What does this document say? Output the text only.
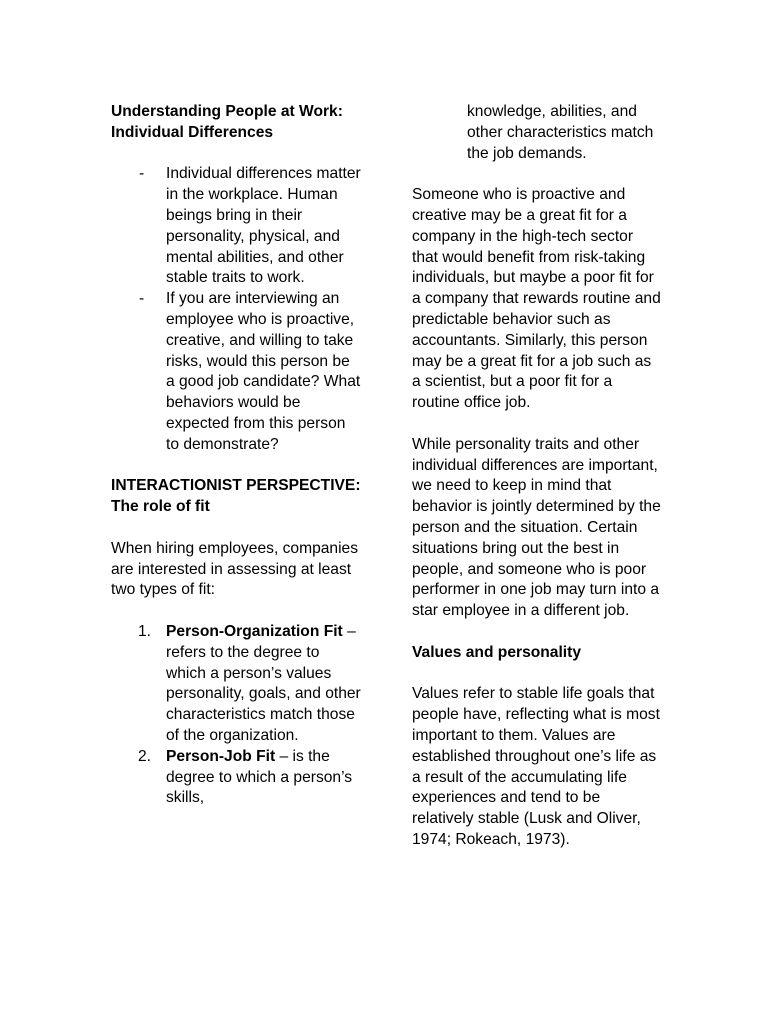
Understanding People at Work: Individual Differences

- Individual differences matter in the workplace. Human beings bring in their personality, physical, and mental abilities, and other stable traits to work.
- If you are interviewing an employee who is proactive, creative, and willing to take risks, would this person be a good job candidate? What behaviors would be expected from this person to demonstrate?

INTERACTIONIST PERSPECTIVE: The role of fit

When hiring employees, companies are interested in assessing at least two types of fit:

1. Person-Organization Fit – refers to the degree to which a person’s values personality, goals, and other characteristics match those of the organization.
2. Person-Job Fit – is the degree to which a person’s skills,

knowledge, abilities, and other characteristics match the job demands.

Someone who is proactive and creative may be a great fit for a company in the high-tech sector that would benefit from risk-taking individuals, but maybe a poor fit for a company that rewards routine and predictable behavior such as accountants. Similarly, this person may be a great fit for a job such as a scientist, but a poor fit for a routine office job.

While personality traits and other individual differences are important, we need to keep in mind that behavior is jointly determined by the person and the situation. Certain situations bring out the best in people, and someone who is poor performer in one job may turn into a star employee in a different job.

Values and personality

Values refer to stable life goals that people have, reflecting what is most important to them. Values are established throughout one’s life as a result of the accumulating life experiences and tend to be relatively stable (Lusk and Oliver, 1974; Rokeach, 1973).
